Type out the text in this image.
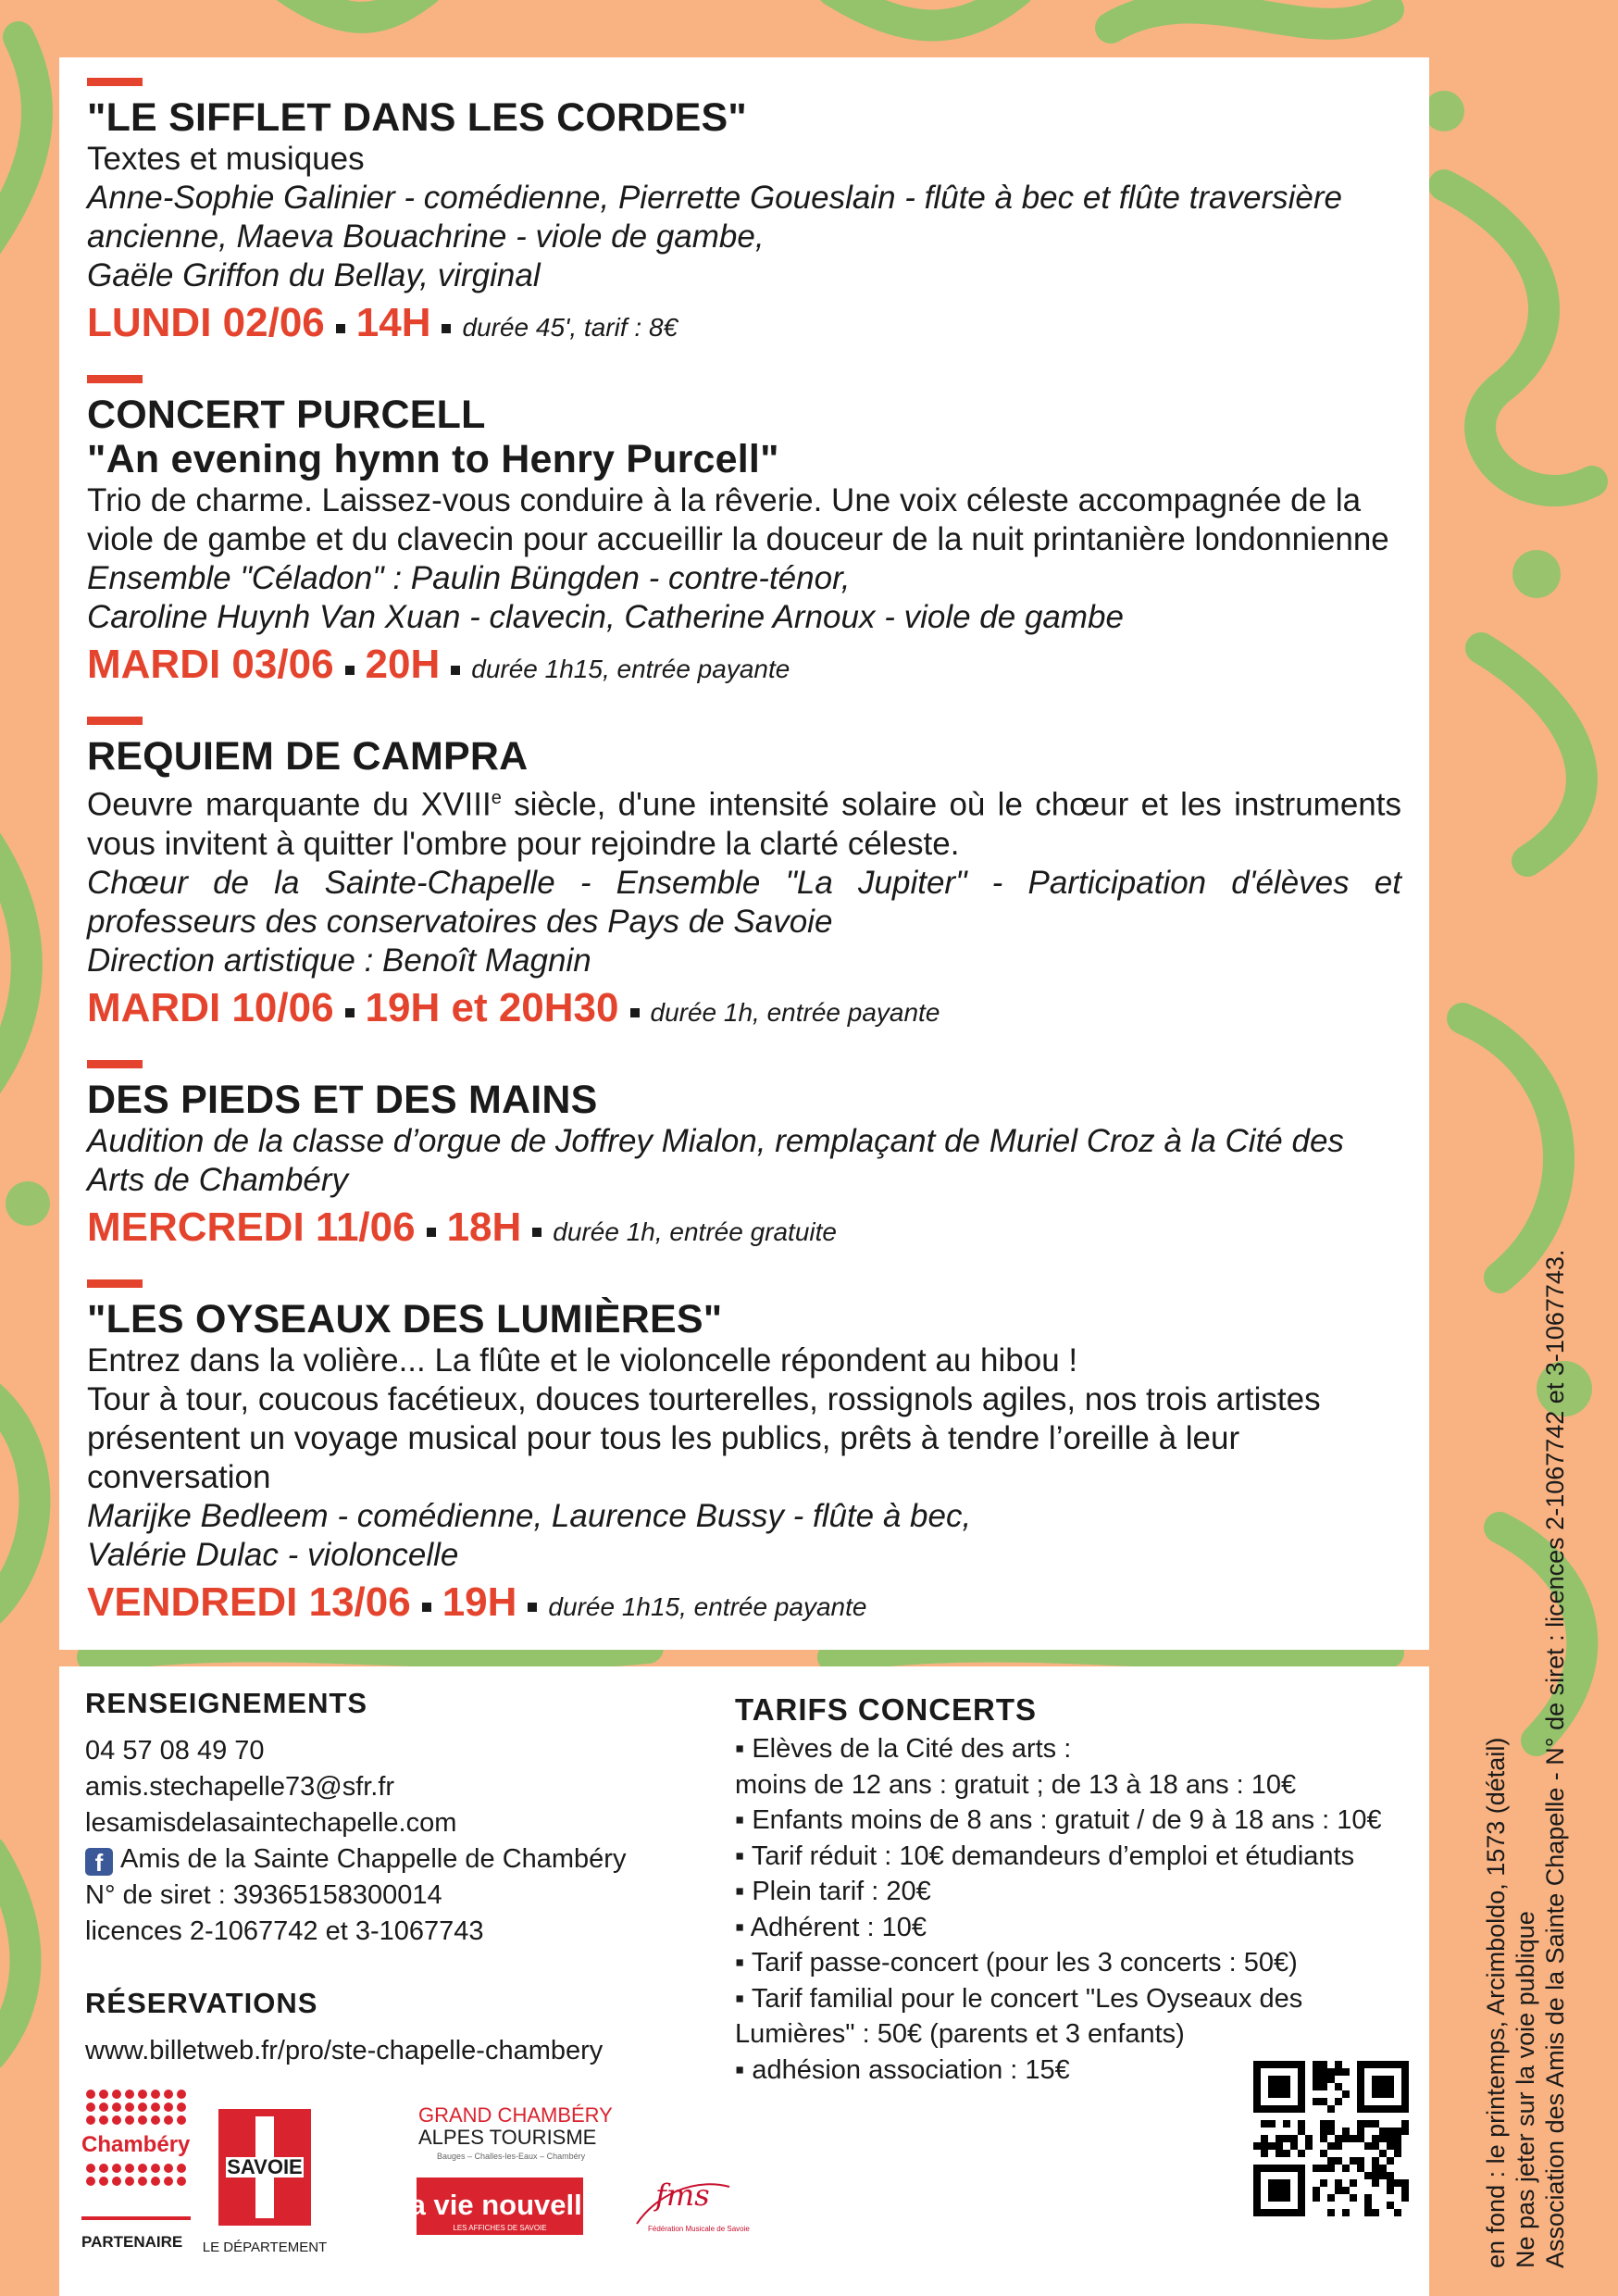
"LE SIFFLET DANS LES CORDES"

Textes et musiques

Anne-Sophie Galinier - comédienne, Pierrette Goueslain - flûte à bec et flûte traversière ancienne, Maeva Bouachrine - viole de gambe,

Gaële Griffon du Bellay, virginal

LUNDI 02/06 14H durée 45', tarif : 8€

CONCERT PURCELL

"An evening hymn to Henry Purcell"

Trio de charme. Laissez-vous conduire à la rêverie. Une voix céleste accompagnée de la viole de gambe et du clavecin pour accueillir la douceur de la nuit printanière londonnienne

Ensemble "Céladon" : Paulin Büngden - contre-ténor,

Caroline Huynh Van Xuan - clavecin, Catherine Arnoux - viole de gambe

MARDI 03/06 20H durée 1h15, entrée payante

REQUIEM DE CAMPRA

Oeuvre marquante du XVIIIe siècle, d'une intensité solaire où le chœur et les instruments vous invitent à quitter l'ombre pour rejoindre la clarté céleste.

Chœur de la Sainte-Chapelle - Ensemble "La Jupiter" - Participation d'élèves et professeurs des conservatoires des Pays de Savoie

Direction artistique : Benoît Magnin

MARDI 10/06 19H et 20H30 durée 1h, entrée payante

DES PIEDS ET DES MAINS

Audition de la classe d’orgue de Joffrey Mialon, remplaçant de Muriel Croz à la Cité des Arts de Chambéry

MERCREDI 11/06 18H durée 1h, entrée gratuite

"LES OYSEAUX DES LUMIÈRES"

Entrez dans la volière... La flûte et le violoncelle répondent au hibou !

Tour à tour, coucous facétieux, douces tourterelles, rossignols agiles, nos trois artistes présentent un voyage musical pour tous les publics, prêts à tendre l’oreille à leur conversation

Marijke Bedleem - comédienne, Laurence Bussy - flûte à bec,

Valérie Dulac - violoncelle

VENDREDI 13/06 19H durée 1h15, entrée payante

RENSEIGNEMENTS

04 57 08 49 70

amis.stechapelle73@sfr.fr

lesamisdelasaintechapelle.com

f Amis de la Sainte Chappelle de Chambéry

N° de siret : 39365158300014

licences 2-1067742 et 3-1067743

RÉSERVATIONS

www.billetweb.fr/pro/ste-chapelle-chambery

TARIFS CONCERTS

▪ Elèves de la Cité des arts :

moins de 12 ans : gratuit ; de 13 à 18 ans : 10€

▪ Enfants moins de 8 ans : gratuit / de 9 à 18 ans : 10€

▪ Tarif réduit : 10€ demandeurs d’emploi et étudiants

▪ Plein tarif : 20€

▪ Adhérent : 10€

▪ Tarif passe-concert (pour les 3 concerts : 50€)

▪ Tarif familial pour le concert "Les Oyseaux des

Lumières" : 50€ (parents et 3 enfants)

▪ adhésion association : 15€

Chambéry
PARTENAIRE
SAVOIE
LE DÉPARTEMENT
GRAND CHAMBÉRY
ALPES TOURISME
Bauges – Challes-les-Eaux – Chambéry
la vie nouvelle
LES AFFICHES DE SAVOIE
fms
Fédération Musicale de Savoie	en fond : le printemps, Arcimboldo, 1573 (détail) Ne pas jeter sur la voie publique Association des Amis de la Sainte Chapelle - N° de siret : licences 2-1067742 et 3-1067743.
